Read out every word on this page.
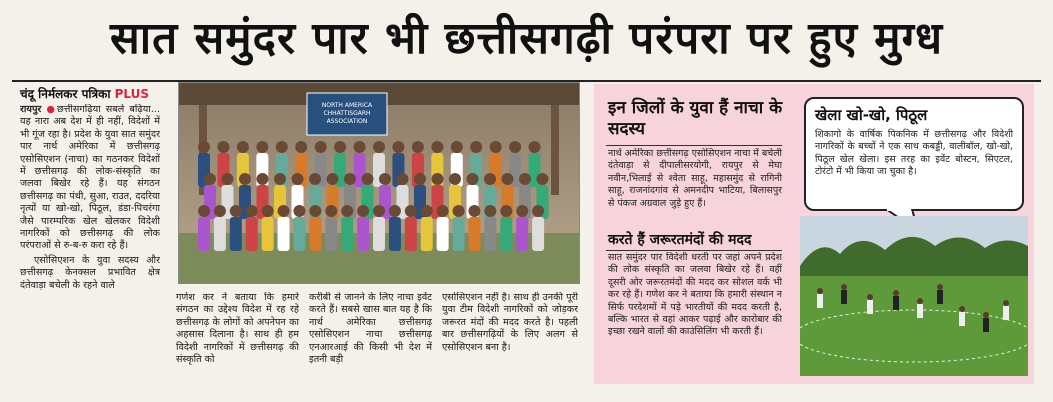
सात समुंदर पार भी छत्तीसगढ़ी परंपरा पर हुए मुग्ध
चंदू निर्मलकर पत्रिका PLUS

रायपुर ●छत्तीसगढ़िया सबले बढ़िया... यह नारा अब देश में ही नहीं, विदेशों में भी गूंज रहा है। प्रदेश के युवा सात समुंदर पार नार्थ अमेरिका में छत्तीसगढ़ एसोसिएशन (नाचा) का गठनकर विदेशों में छत्तीसगढ़ की लोक-संस्कृति का जलवा बिखेर रहे हैं। यह संगठन छत्तीसगढ़ का पंथी, सुआ, राउत, ददरिया नृत्यों या खो-खो, पिठूल, डंडा-पिचरंगा जैसे पारम्परिक खेल खेलकर विदेशी नागरिकों को छत्तीसगढ़ की लोक परंपराओं से रु-ब-रु करा रहे हैं।

एसोसिएशन के युवा सदस्य और छत्तीसगढ़ केनक्सल प्रभावित क्षेत्र दंतेवाड़ा बचेली के रहने वाले

NORTH AMERICA CHHATTISGARH ASSOCIATION
गणेश कर ने बताया कि हमारे संगठन का उद्देश्य विदेश में रह रहे छत्तीसगढ़ के लोगों को अपनेपन का अहसास दिलाना है। साथ ही हम विदेशी नागरिकों में छत्तीसगढ़ की संस्कृति को
करीबी से जानने के लिए नाचा इवेंट करते हैं। सबसे खास बात यह है कि नार्थ अमेरिका छत्तीसगढ़ एसोसिएशन नाचा छत्तीसगढ़ एनआरआई की किसी भी देश में इतनी बड़ी
एसोसिएशन नहीं है। साथ ही उनकी पूरी युवा टीम विदेशी नागरिकों को जोड़कर जरूरत मंदों की मदद करते है। पहली बार छत्तीसगढ़ियों के लिए अलग से एसोसिएशन बना है।
इन जिलों के युवा हैं नाचा के सदस्य
नार्थ अमेरिका छत्तीसगढ़ एसोसिएशन नाचा में बचेली दंतेवाड़ा से दीपालीसरयोगी, रायपुर से मेघा नवीन,भिलाई से श्वेता साहू, महासमुंद से रागिनी साहू, राजनांदगांव से अमनदीप भाटिया, बिलासपुर से पंकज अग्रवाल जुड़े हुए हैं।
करते हैं जरूरतमंदों की मदद
सात समुंदर पार विदेशी धरती पर जहां अपने प्रदेश की लोक संस्कृति का जलवा बिखेर रहे हैं। वहीं दूसरी ओर जरूरतमंदों की मदद कर सोशल वर्क भी कर रहे हैं। गणेश कर ने बताया कि हमारी संस्थान न सिर्फ परदेशमों में पड़े भारतीयों की मदद करती है, बल्कि भारत से वहां आकर पढ़ाई और कारोबार की इच्छा रखने वालों की काउंसिलिंग भी करती हैं।
खेला खो-खो, पिठूल
शिकागो के वार्षिक पिकनिक में छत्तीसगढ़ और विदेशी नागरिकों के बच्चों ने एक साथ कबड्डी, वालीबॉल, खो-खो, पिठूल खेल खेला। इस तरह का इवेंट बोस्टन, सिएटल, टोरंटो में भी किया जा चुका है।
